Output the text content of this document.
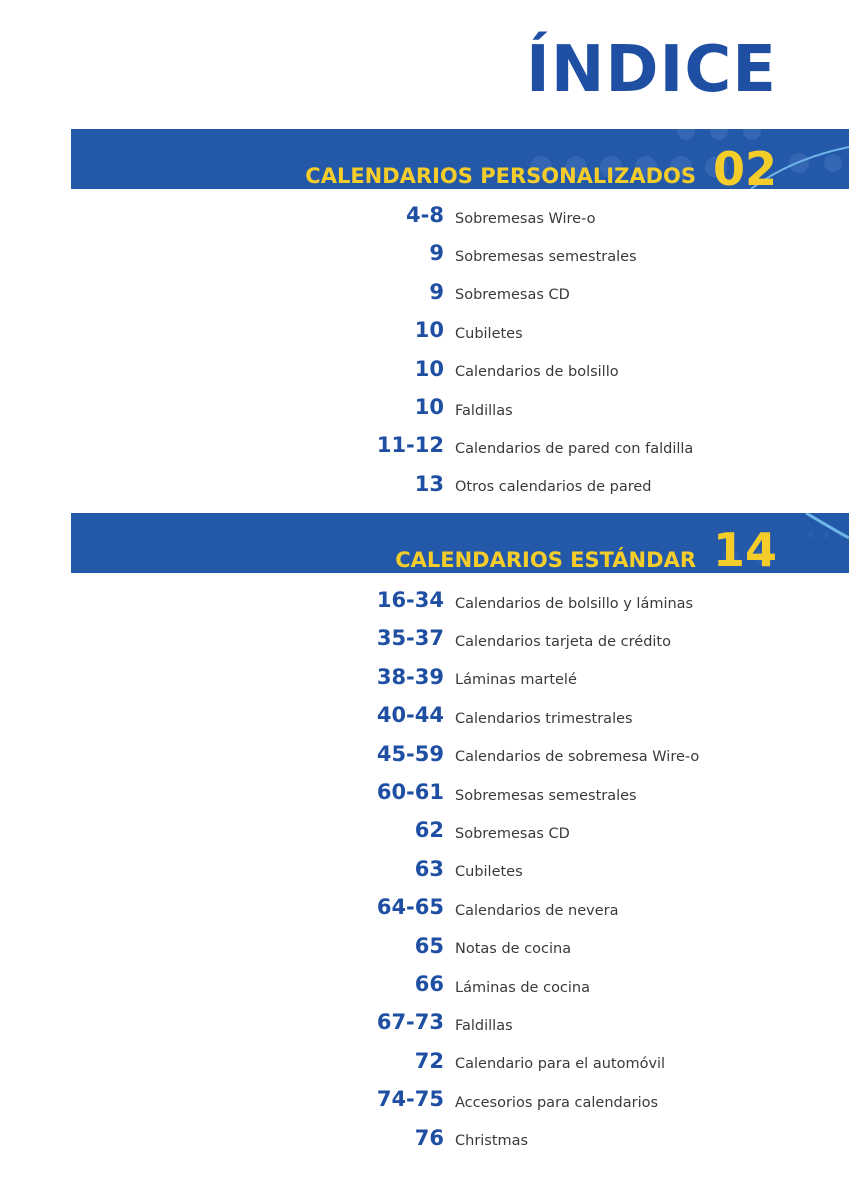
ÍNDICE
CALENDARIOS PERSONALIZADOS 02
4-8 Sobremesas Wire-o
9 Sobremesas semestrales
9 Sobremesas CD
10 Cubiletes
10 Calendarios de bolsillo
10 Faldillas
11-12 Calendarios de pared con faldilla
13 Otros calendarios de pared
CALENDARIOS ESTÁNDAR 14
16-34 Calendarios de bolsillo y láminas
35-37 Calendarios tarjeta de crédito
38-39 Láminas martelé
40-44 Calendarios trimestrales
45-59 Calendarios de sobremesa Wire-o
60-61 Sobremesas semestrales
62 Sobremesas CD
63 Cubiletes
64-65 Calendarios de nevera
65 Notas de cocina
66 Láminas de cocina
67-73 Faldillas
72 Calendario para el automóvil
74-75 Accesorios para calendarios
76 Christmas
